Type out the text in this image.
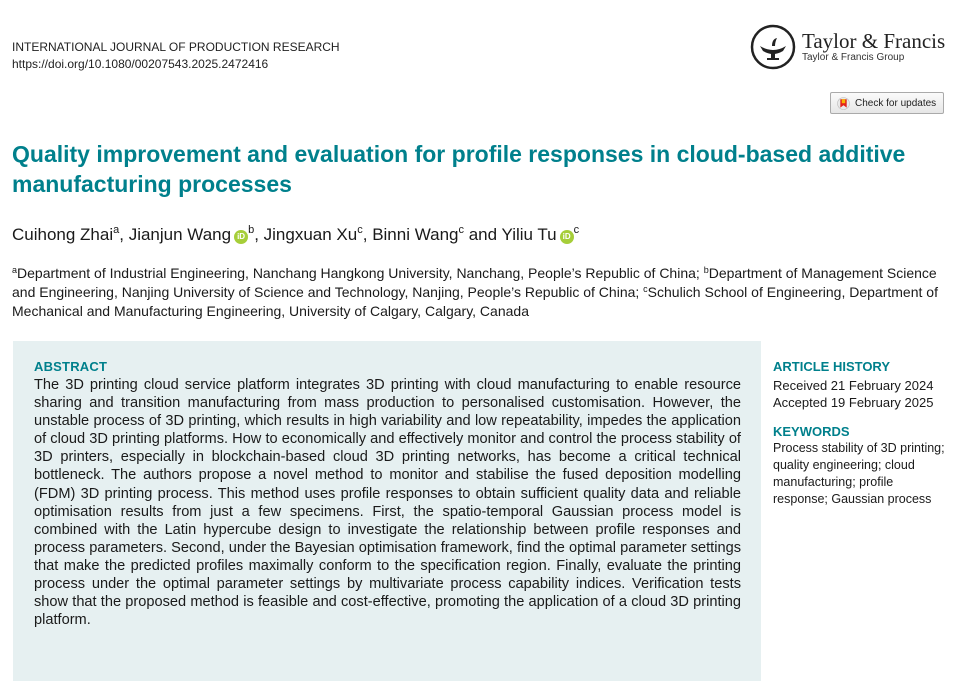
INTERNATIONAL JOURNAL OF PRODUCTION RESEARCH
https://doi.org/10.1080/00207543.2025.2472416
Taylor & Francis
Taylor & Francis Group
Check for updates
Quality improvement and evaluation for profile responses in cloud-based additive manufacturing processes
Cuihong Zhai$^a$, Jianjun Wang $iD^b$, Jingxuan Xu$^c$, Binni Wang$^c$ and Yiliu Tu $iD^c$
$^a$Department of Industrial Engineering, Nanchang Hangkong University, Nanchang, People’s Republic of China; $^b$Department of Management Science and Engineering, Nanjing University of Science and Technology, Nanjing, People’s Republic of China; $^c$Schulich School of Engineering, Department of Mechanical and Manufacturing Engineering, University of Calgary, Calgary, Canada
ABSTRACT
The 3D printing cloud service platform integrates 3D printing with cloud manufacturing to enable resource sharing and transition manufacturing from mass production to personalised customisation. However, the unstable process of 3D printing, which results in high variability and low repeatability, impedes the application of cloud 3D printing platforms. How to economically and effectively monitor and control the process stability of 3D printers, especially in blockchain-based cloud 3D printing networks, has become a critical technical bottleneck. The authors propose a novel method to monitor and stabilise the fused deposition modelling (FDM) 3D printing process. This method uses profile responses to obtain sufficient quality data and reliable optimisation results from just a few specimens. First, the spatio-temporal Gaussian process model is combined with the Latin hypercube design to investigate the relationship between profile responses and process parameters. Second, under the Bayesian optimisation framework, find the optimal parameter settings that make the predicted profiles maximally conform to the specification region. Finally, evaluate the printing process under the optimal parameter settings by multivariate process capability indices. Verification tests show that the proposed method is feasible and cost-effective, promoting the application of a cloud 3D printing platform.
ARTICLE HISTORY
Received 21 February 2024
Accepted 19 February 2025
KEYWORDS
Process stability of 3D printing; quality engineering; cloud manufacturing; profile response; Gaussian process
